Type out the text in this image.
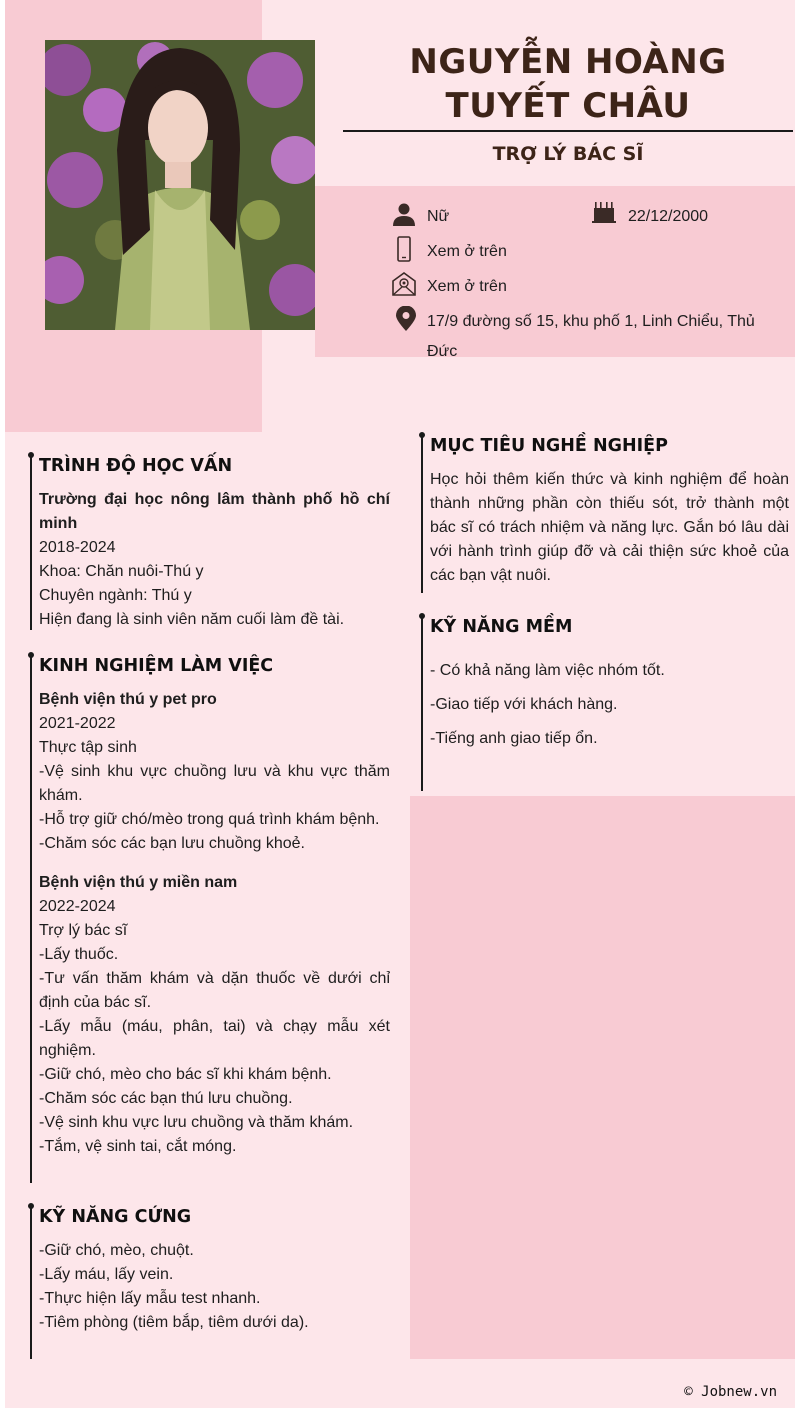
NGUYỄN HOÀNG TUYẾT CHÂU
TRỢ LÝ BÁC SĨ
Nữ	22/12/2000
Xem ở trên
Xem ở trên
17/9 đường số 15, khu phố 1, Linh Chiểu, Thủ Đức
TRÌNH ĐỘ HỌC VẤN

Trường đại học nông lâm thành phố hồ chí minh

2018-2024

Khoa: Chăn nuôi-Thú y

Chuyên ngành: Thú y

Hiện đang là sinh viên năm cuối làm đề tài.

KINH NGHIỆM LÀM VIỆC

Bệnh viện thú y pet pro

2021-2022

Thực tập sinh

-Vệ sinh khu vực chuồng lưu và khu vực thăm khám.

-Hỗ trợ giữ chó/mèo trong quá trình khám bệnh.

-Chăm sóc các bạn lưu chuồng khoẻ.

Bệnh viện thú y miền nam

2022-2024

Trợ lý bác sĩ

-Lấy thuốc.

-Tư vấn thăm khám và dặn thuốc về dưới chỉ định của bác sĩ.

-Lấy mẫu (máu, phân, tai) và chạy mẫu xét nghiệm.

-Giữ chó, mèo cho bác sĩ khi khám bệnh.

-Chăm sóc các bạn thú lưu chuồng.

-Vệ sinh khu vực lưu chuồng và thăm khám.

-Tắm, vệ sinh tai, cắt móng.

KỸ NĂNG CỨNG

-Giữ chó, mèo, chuột.

-Lấy máu, lấy vein.

-Thực hiện lấy mẫu test nhanh.

-Tiêm phòng (tiêm bắp, tiêm dưới da).

MỤC TIÊU NGHỀ NGHIỆP

Học hỏi thêm kiến thức và kinh nghiệm để hoàn thành những phần còn thiếu sót, trở thành một bác sĩ có trách nhiệm và năng lực. Gắn bó lâu dài với hành trình giúp đỡ và cải thiện sức khoẻ của các bạn vật nuôi.

KỸ NĂNG MỀM

- Có khả năng làm việc nhóm tốt.

-Giao tiếp với khách hàng.

-Tiếng anh giao tiếp ổn.

© Jobnew.vn
